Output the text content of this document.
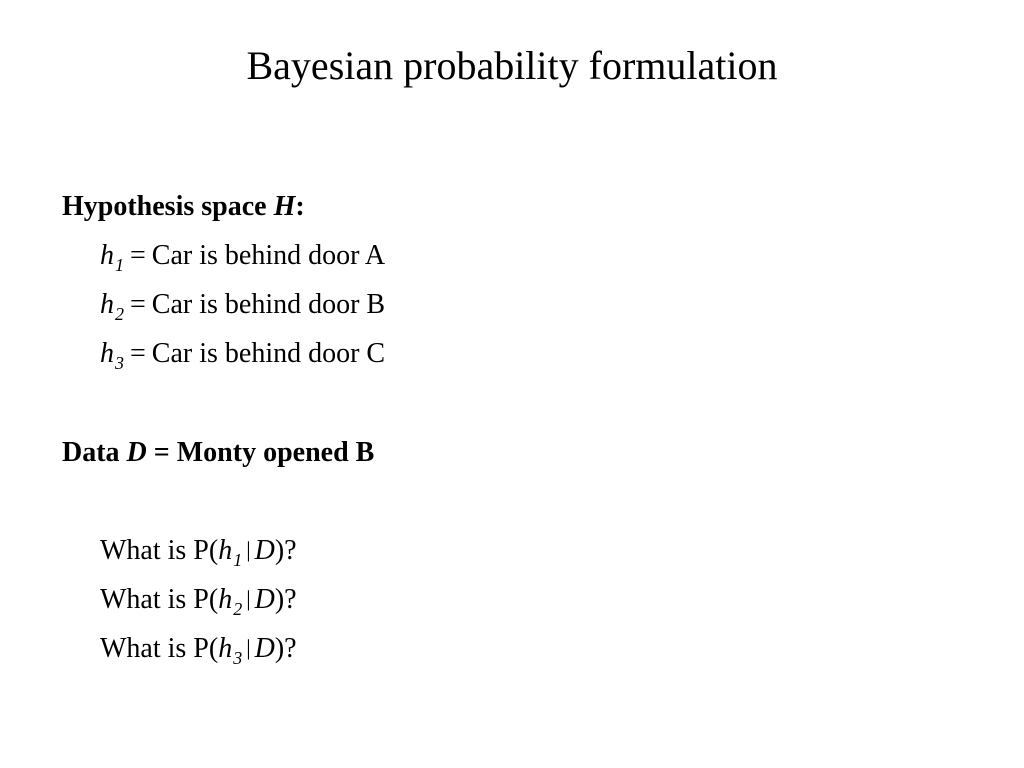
Bayesian probability formulation
Hypothesis space H:
$h_1$ = Car is behind door A
$h_2$ = Car is behind door B
$h_3$ = Car is behind door C
Data D = Monty opened B
What is $P(h_1$ | D)?
What is $P(h_2$ | D)?
What is $P(h_3$ | D)?
